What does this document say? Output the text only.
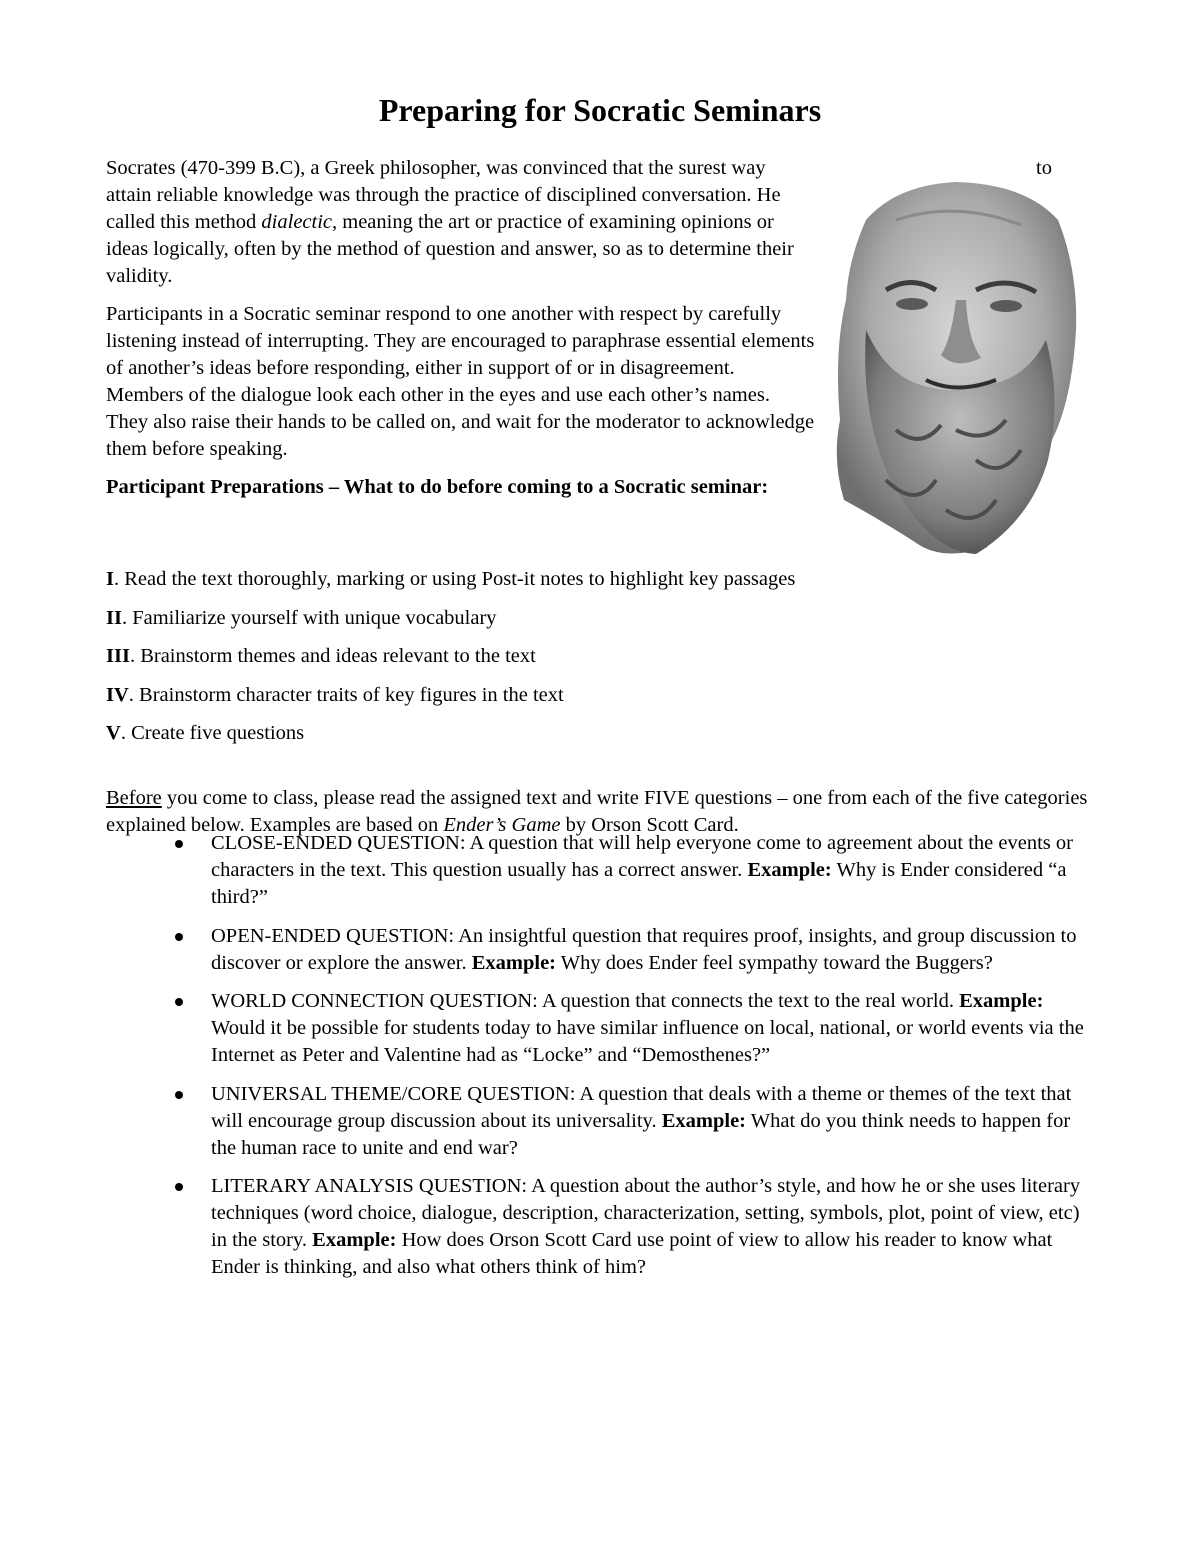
Preparing for Socratic Seminars
Socrates (470-399 B.C), a Greek philosopher, was convinced that the surest way	to

attain reliable knowledge was through the practice of disciplined conversation. He called this method dialectic, meaning the art or practice of examining opinions or ideas logically, often by the method of question and answer, so as to determine their validity.

Participants in a Socratic seminar respond to one another with respect by carefully listening instead of interrupting. They are encouraged to paraphrase essential elements of another’s ideas before responding, either in support of or in disagreement. Members of the dialogue look each other in the eyes and use each other’s names. They also raise their hands to be called on, and wait for the moderator to acknowledge them before speaking.

Participant Preparations – What to do before coming to a Socratic seminar:

I. Read the text thoroughly, marking or using Post-it notes to highlight key passages

II. Familiarize yourself with unique vocabulary

III. Brainstorm themes and ideas relevant to the text

IV. Brainstorm character traits of key figures in the text

V. Create five questions

Before you come to class, please read the assigned text and write FIVE questions – one from each of the five categories explained below. Examples are based on Ender’s Game by Orson Scott Card.

CLOSE-ENDED QUESTION: A question that will help everyone come to agreement about the events or characters in the text. This question usually has a correct answer. Example: Why is Ender considered “a third?”
OPEN-ENDED QUESTION: An insightful question that requires proof, insights, and group discussion to discover or explore the answer. Example: Why does Ender feel sympathy toward the Buggers?
WORLD CONNECTION QUESTION: A question that connects the text to the real world. Example: Would it be possible for students today to have similar influence on local, national, or world events via the Internet as Peter and Valentine had as “Locke” and “Demosthenes?”
UNIVERSAL THEME/CORE QUESTION: A question that deals with a theme or themes of the text that will encourage group discussion about its universality. Example: What do you think needs to happen for the human race to unite and end war?
LITERARY ANALYSIS QUESTION: A question about the author’s style, and how he or she uses literary techniques (word choice, dialogue, description, characterization, setting, symbols, plot, point of view, etc) in the story. Example: How does Orson Scott Card use point of view to allow his reader to know what Ender is thinking, and also what others think of him?
